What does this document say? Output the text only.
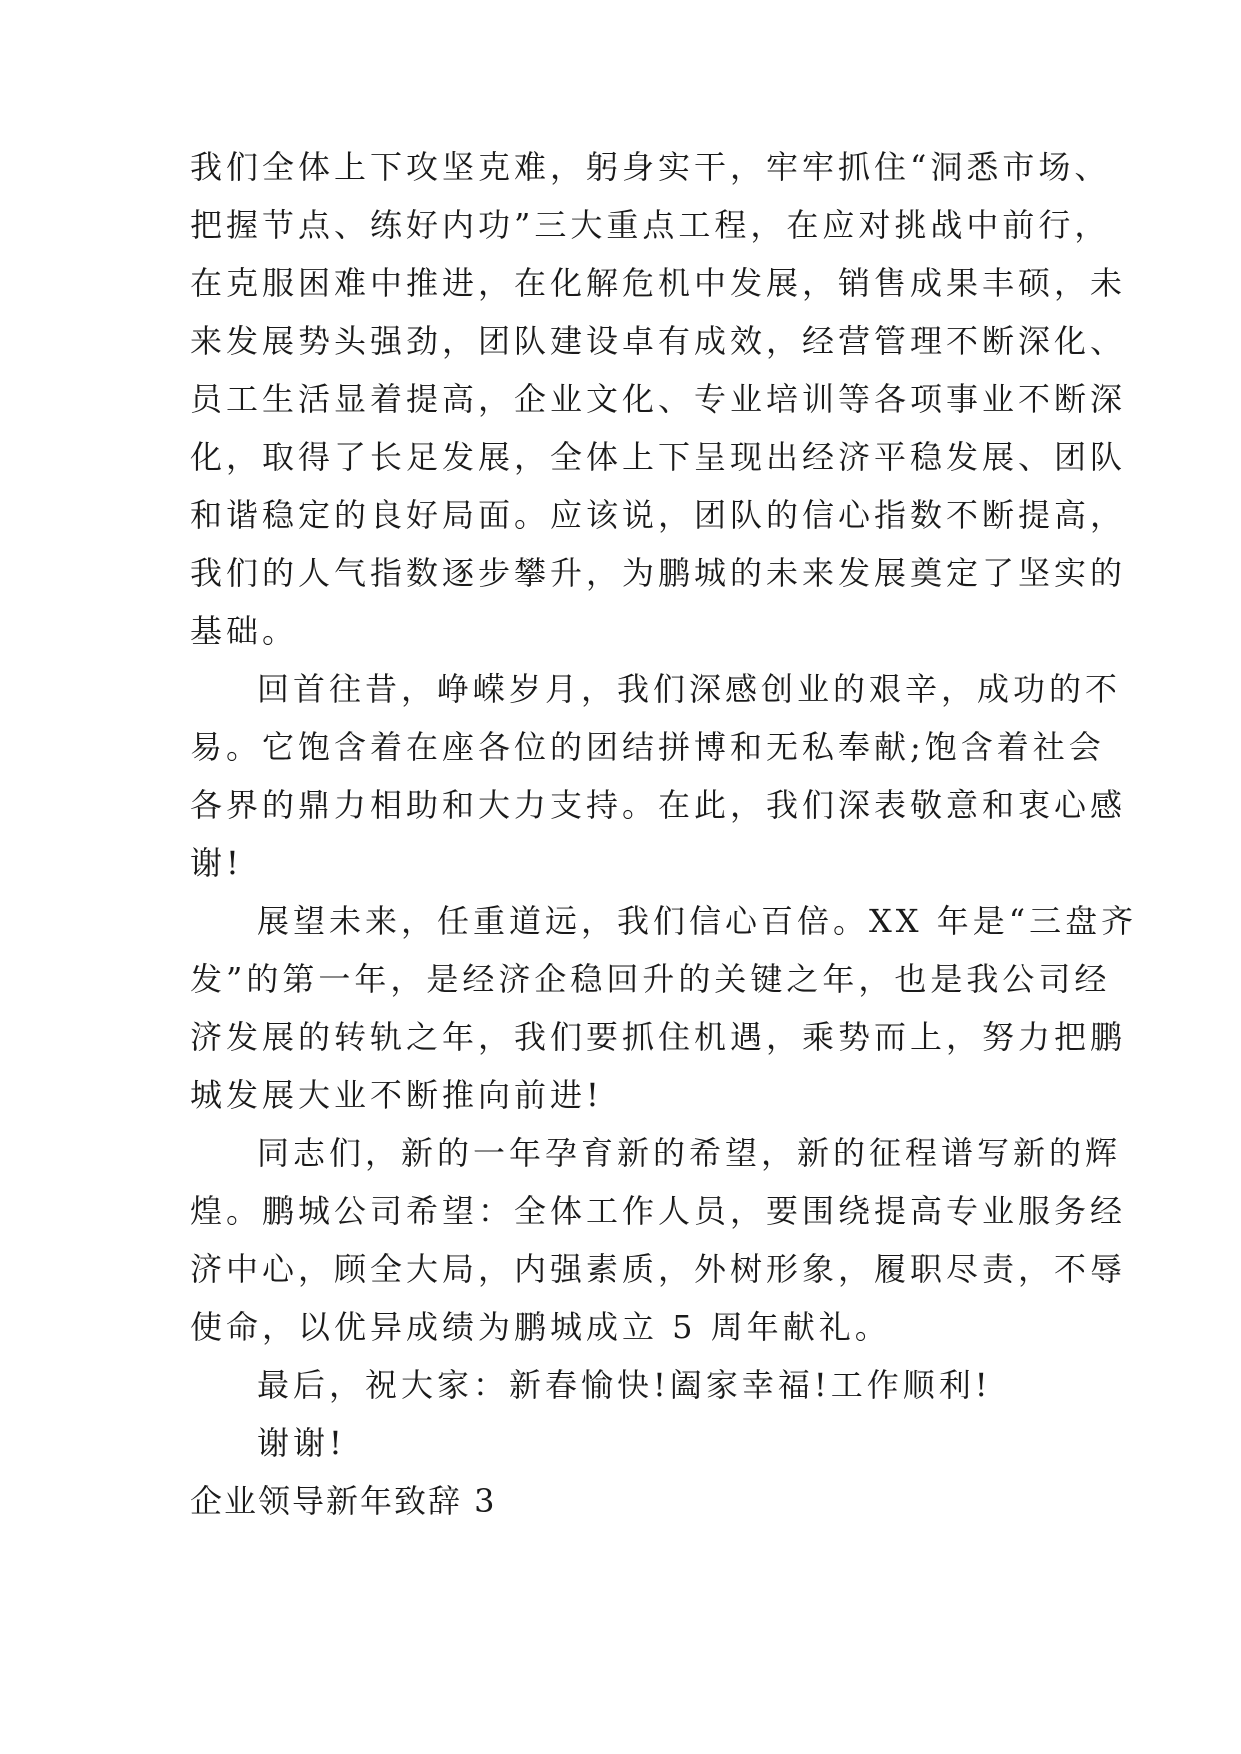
我们全体上下攻坚克难，躬身实干，牢牢抓住“洞悉市场、
把握节点、练好内功”三大重点工程，在应对挑战中前行，
在克服困难中推进，在化解危机中发展，销售成果丰硕，未
来发展势头强劲，团队建设卓有成效，经营管理不断深化、
员工生活显着提高，企业文化、专业培训等各项事业不断深
化，取得了长足发展，全体上下呈现出经济平稳发展、团队
和谐稳定的良好局面。应该说，团队的信心指数不断提高，
我们的人气指数逐步攀升，为鹏城的未来发展奠定了坚实的
基础。
回首往昔，峥嵘岁月，我们深感创业的艰辛，成功的不
易。它饱含着在座各位的团结拼博和无私奉献;饱含着社会
各界的鼎力相助和大力支持。在此，我们深表敬意和衷心感
谢!
展望未来，任重道远，我们信心百倍。XX 年是“三盘齐
发”的第一年，是经济企稳回升的关键之年，也是我公司经
济发展的转轨之年，我们要抓住机遇，乘势而上，努力把鹏
城发展大业不断推向前进!
同志们，新的一年孕育新的希望，新的征程谱写新的辉
煌。鹏城公司希望：全体工作人员，要围绕提高专业服务经
济中心，顾全大局，内强素质，外树形象，履职尽责，不辱
使命，以优异成绩为鹏城成立 5 周年献礼。
最后，祝大家：新春愉快!阖家幸福!工作顺利!
谢谢!
企业领导新年致辞 3
